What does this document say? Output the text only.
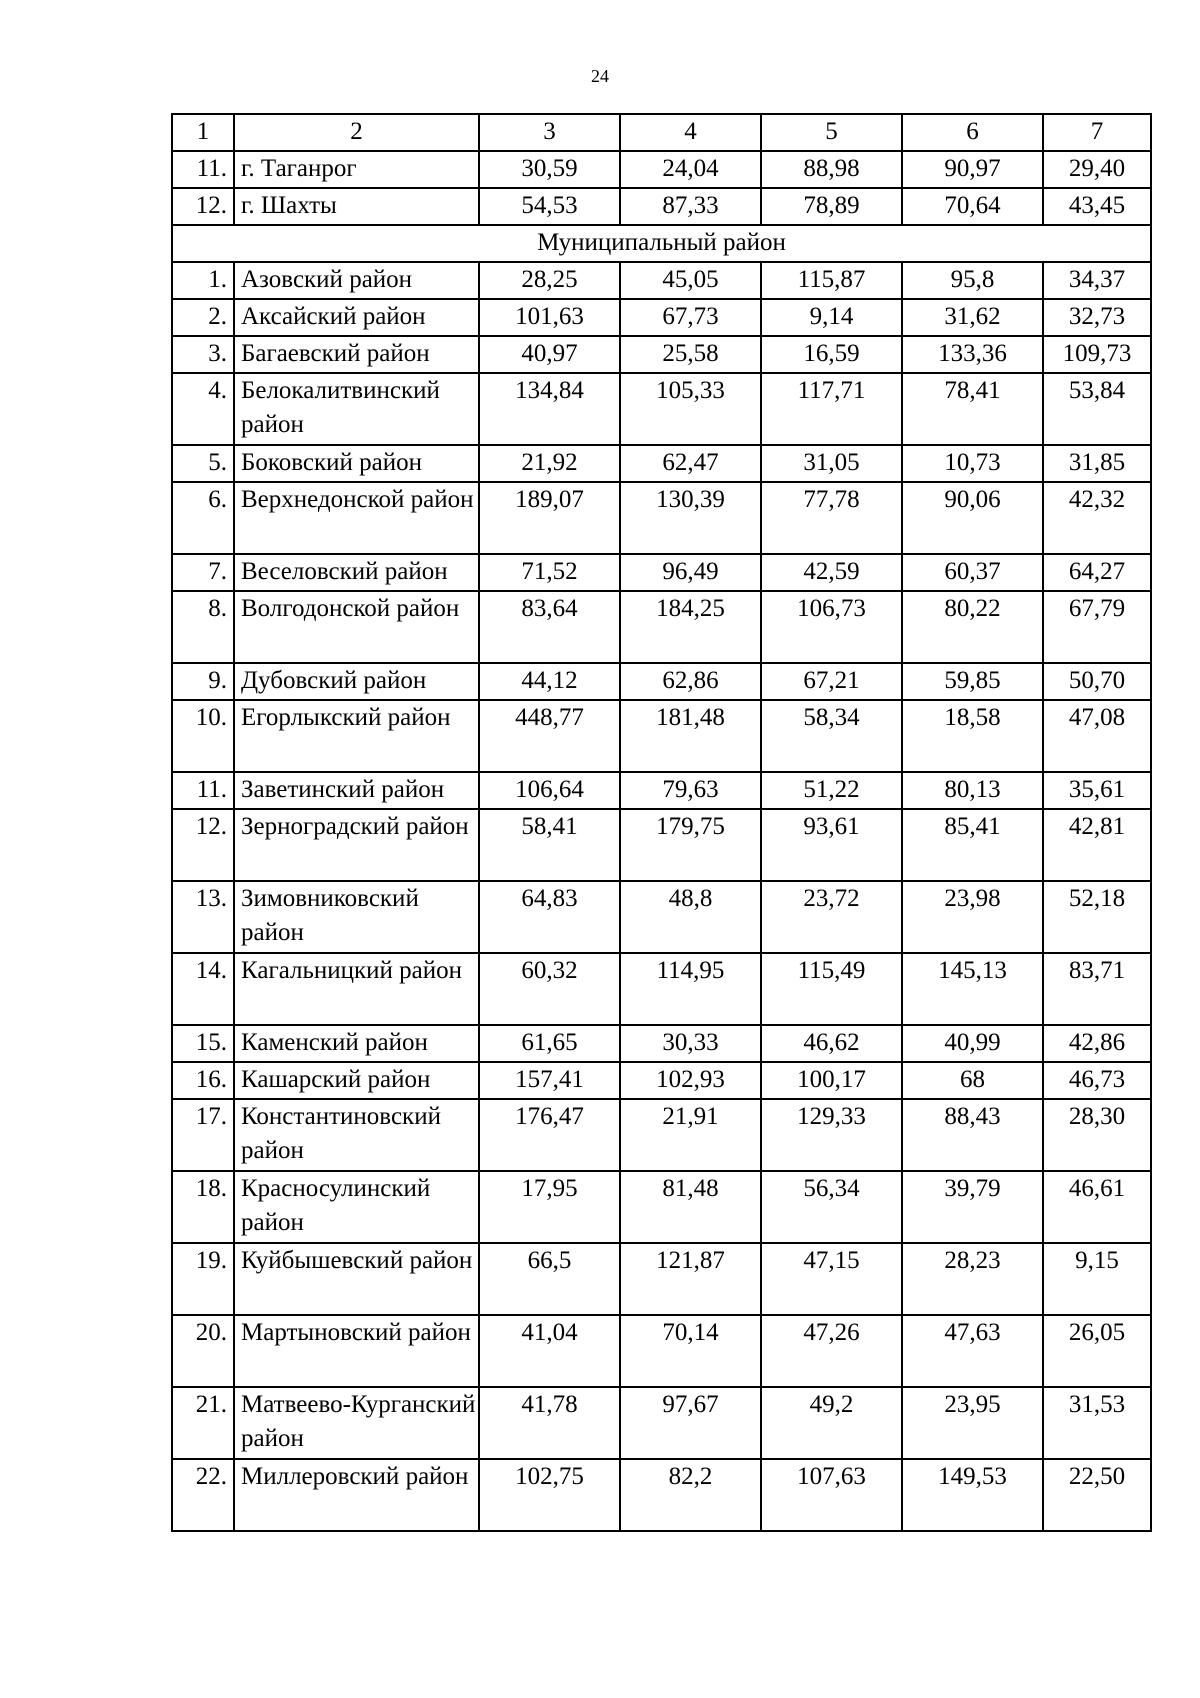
24
1	2	3	4	5	6	7
11.	г. Таганрог	30,59	24,04	88,98	90,97	29,40
12.	г. Шахты	54,53	87,33	78,89	70,64	43,45
Муниципальный район						
1.	Азовский район	28,25	45,05	115,87	95,8	34,37
2.	Аксайский район	101,63	67,73	9,14	31,62	32,73
3.	Багаевский район	40,97	25,58	16,59	133,36	109,73
4.	Белокалитвинский район	134,84	105,33	117,71	78,41	53,84
5.	Боковский район	21,92	62,47	31,05	10,73	31,85
6.	Верхнедонской район	189,07	130,39	77,78	90,06	42,32
7.	Веселовский район	71,52	96,49	42,59	60,37	64,27
8.	Волгодонской район	83,64	184,25	106,73	80,22	67,79
9.	Дубовский район	44,12	62,86	67,21	59,85	50,70
10.	Егорлыкский район	448,77	181,48	58,34	18,58	47,08
11.	Заветинский район	106,64	79,63	51,22	80,13	35,61
12.	Зерноградский район	58,41	179,75	93,61	85,41	42,81
13.	Зимовниковский район	64,83	48,8	23,72	23,98	52,18
14.	Кагальницкий район	60,32	114,95	115,49	145,13	83,71
15.	Каменский район	61,65	30,33	46,62	40,99	42,86
16.	Кашарский район	157,41	102,93	100,17	68	46,73
17.	Константиновский район	176,47	21,91	129,33	88,43	28,30
18.	Красносулинский район	17,95	81,48	56,34	39,79	46,61
19.	Куйбышевский район	66,5	121,87	47,15	28,23	9,15
20.	Мартыновский район	41,04	70,14	47,26	47,63	26,05
21.	Матвеево-Курганский район	41,78	97,67	49,2	23,95	31,53
22.	Миллеровский район	102,75	82,2	107,63	149,53	22,50
